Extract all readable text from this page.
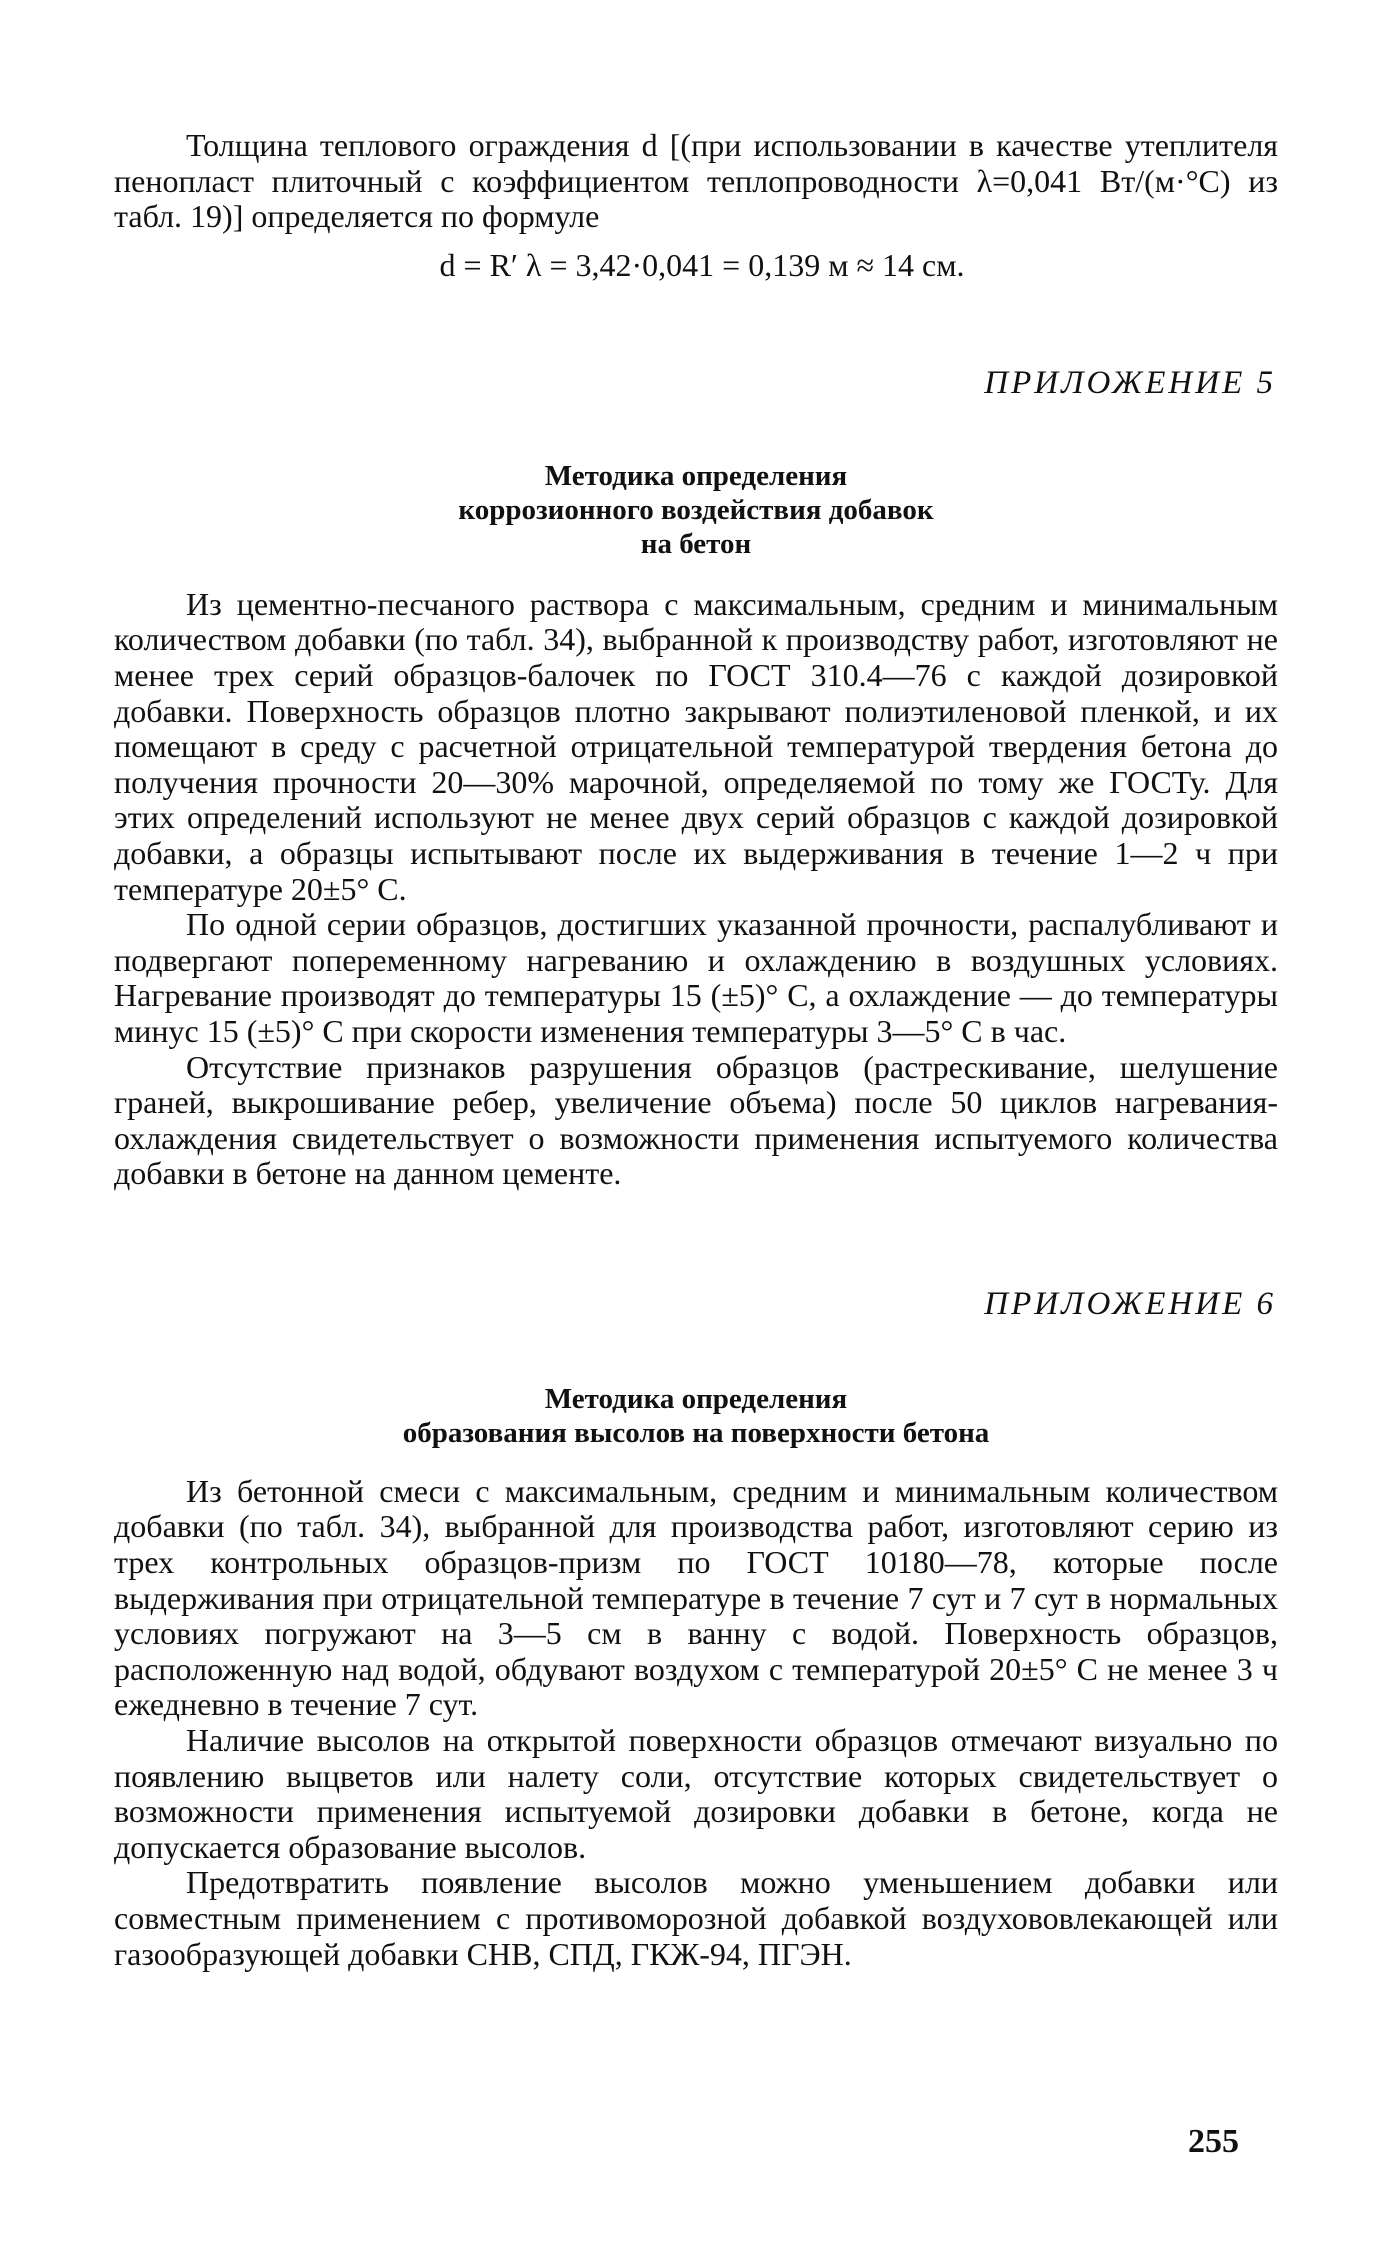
Толщина теплового ограждения d [(при использовании в качестве утеплителя пенопласт плиточный с коэффициентом теплопроводности λ=0,041 Вт/(м·°С) из табл. 19)] определяется по формуле

d = R′ λ = 3,42·0,041 = 0,139 м ≈ 14 см.
ПРИЛОЖЕНИЕ 5
Методика определения
коррозионного воздействия добавок
на бетон

Из цементно-песчаного раствора с максимальным, средним и минимальным количеством добавки (по табл. 34), выбранной к производству работ, изготовляют не менее трех серий образцов-балочек по ГОСТ 310.4—76 с каждой дозировкой добавки. Поверхность образцов плотно закрывают полиэтиленовой пленкой, и их помещают в среду с расчетной отрицательной температурой твердения бетона до получения прочности 20—30% марочной, определяемой по тому же ГОСТу. Для этих определений используют не менее двух серий образцов с каждой дозировкой добавки, а образцы испытывают после их выдерживания в течение 1—2 ч при температуре 20±5° С.

По одной серии образцов, достигших указанной прочности, распалубливают и подвергают попеременному нагреванию и охлаждению в воздушных условиях. Нагревание производят до температуры 15 (±5)° С, а охлаждение — до температуры минус 15 (±5)° С при скорости изменения температуры 3—5° С в час.

Отсутствие признаков разрушения образцов (растрескивание, шелушение граней, выкрошивание ребер, увеличение объема) после 50 циклов нагревания-охлаждения свидетельствует о возможности применения испытуемого количества добавки в бетоне на данном цементе.

ПРИЛОЖЕНИЕ 6
Методика определения
образования высолов на поверхности бетона

Из бетонной смеси с максимальным, средним и минимальным количеством добавки (по табл. 34), выбранной для производства работ, изготовляют серию из трех контрольных образцов-призм по ГОСТ 10180—78, которые после выдерживания при отрицательной температуре в течение 7 сут и 7 сут в нормальных условиях погружают на 3—5 см в ванну с водой. Поверхность образцов, расположенную над водой, обдувают воздухом с температурой 20±5° С не менее 3 ч ежедневно в течение 7 сут.

Наличие высолов на открытой поверхности образцов отмечают визуально по появлению выцветов или налету соли, отсутствие которых свидетельствует о возможности применения испытуемой дозировки добавки в бетоне, когда не допускается образование высолов.

Предотвратить появление высолов можно уменьшением добавки или совместным применением с противоморозной добавкой воздухововлекающей или газообразующей добавки СНВ, СПД, ГКЖ-94, ПГЭН.

255
